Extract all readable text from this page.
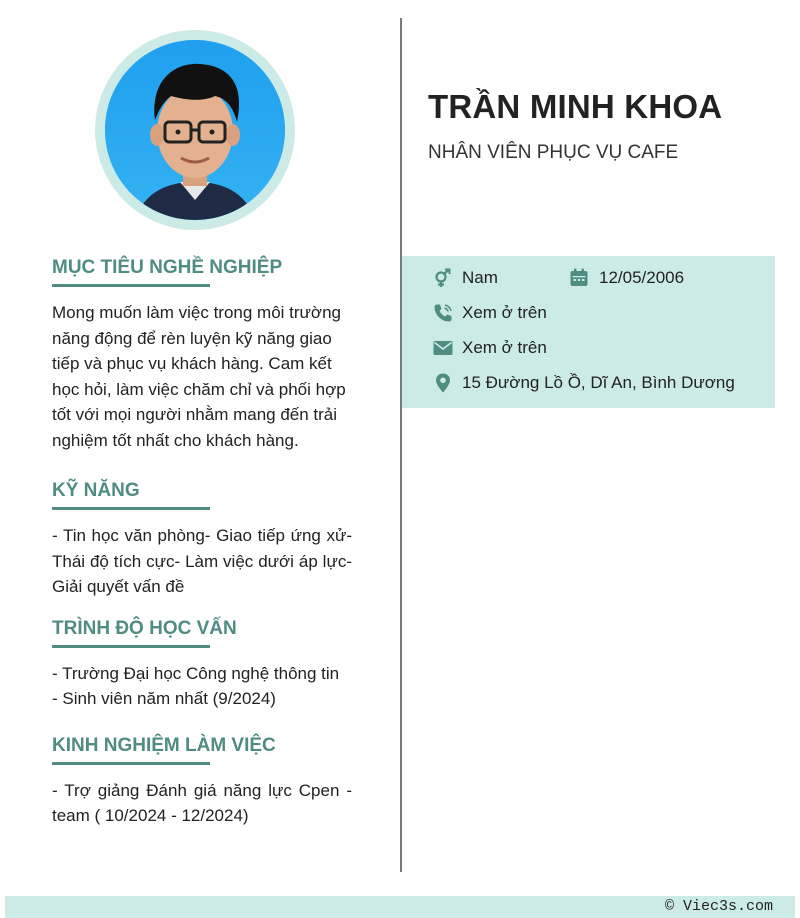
MỤC TIÊU NGHỀ NGHIỆP
Mong muốn làm việc trong môi trường năng động để rèn luyện kỹ năng giao tiếp và phục vụ khách hàng. Cam kết học hỏi, làm việc chăm chỉ và phối hợp tốt với mọi người nhằm mang đến trải nghiệm tốt nhất cho khách hàng.
KỸ NĂNG
- Tin học văn phòng- Giao tiếp ứng xử- Thái độ tích cực- Làm việc dưới áp lực- Giải quyết vấn đề
TRÌNH ĐỘ HỌC VẤN
- Trường Đại học Công nghệ thông tin
- Sinh viên năm nhất (9/2024)
KINH NGHIỆM LÀM VIỆC
- Trợ giảng Đánh giá năng lực Cpen - team ( 10/2024 - 12/2024)
TRẦN MINH KHOA
NHÂN VIÊN PHỤC VỤ CAFE
Nam	12/05/2006
Xem ở trên
Xem ở trên
15 Đường Lồ Ồ, Dĩ An, Bình Dương
© Viec3s.com
